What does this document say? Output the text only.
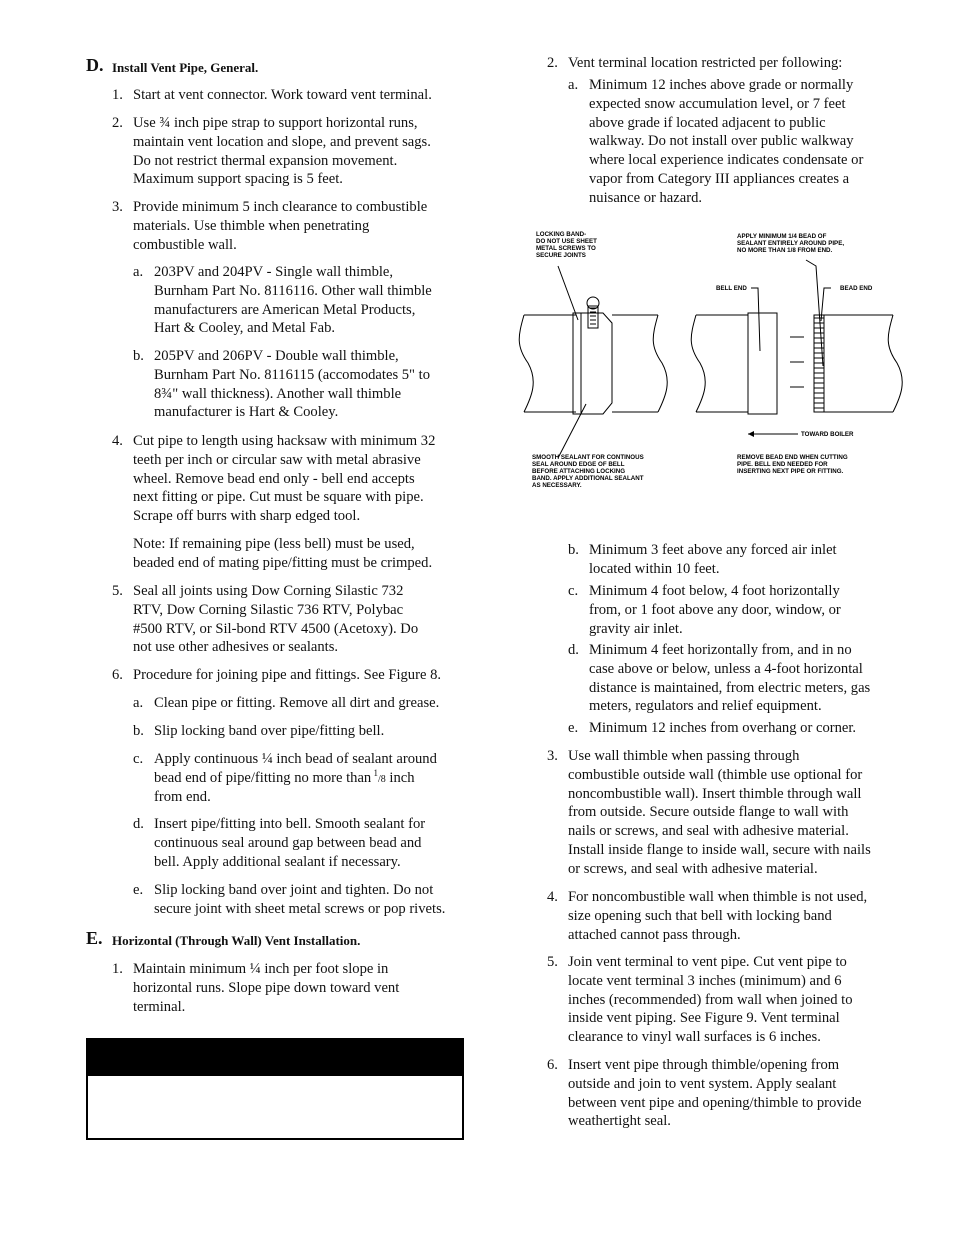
D. Install Vent Pipe, General.
1. Start at vent connector. Work toward vent terminal.
2. Use ¾ inch pipe strap to support horizontal runs,
maintain vent location and slope, and prevent sags.
Do not restrict thermal expansion movement.
Maximum support spacing is 5 feet.
3. Provide minimum 5 inch clearance to combustible
materials. Use thimble when penetrating
combustible wall.
a. 203PV and 204PV - Single wall thimble,
Burnham Part No. 8116116. Other wall thimble
manufacturers are American Metal Products,
Hart & Cooley, and Metal Fab.
b. 205PV and 206PV - Double wall thimble,
Burnham Part No. 8116115 (accomodates 5" to
8¾" wall thickness). Another wall thimble
manufacturer is Hart & Cooley.
4. Cut pipe to length using hacksaw with minimum 32
teeth per inch or circular saw with metal abrasive
wheel. Remove bead end only - bell end accepts
next fitting or pipe. Cut must be square with pipe.
Scrape off burrs with sharp edged tool.
Note: If remaining pipe (less bell) must be used,
beaded end of mating pipe/fitting must be crimped.
5. Seal all joints using Dow Corning Silastic 732
RTV, Dow Corning Silastic 736 RTV, Polybac
#500 RTV, or Sil-bond RTV 4500 (Acetoxy). Do
not use other adhesives or sealants.
6. Procedure for joining pipe and fittings. See Figure 8.
a. Clean pipe or fitting. Remove all dirt and grease.
b. Slip locking band over pipe/fitting bell.
c. Apply continuous ¼ inch bead of sealant around
bead end of pipe/fitting no more than $^1$/8 inch
from end.
d. Insert pipe/fitting into bell. Smooth sealant for
continuous seal around gap between bead and
bell. Apply additional sealant if necessary.
e. Slip locking band over joint and tighten. Do not
secure joint with sheet metal screws or pop rivets.
E. Horizontal (Through Wall) Vent Installation.
1. Maintain minimum ¼ inch per foot slope in
horizontal runs. Slope pipe down toward vent
terminal.
2. Vent terminal location restricted per following:
a. Minimum 12 inches above grade or normally
expected snow accumulation level, or 7 feet
above grade if located adjacent to public
walkway. Do not install over public walkway
where local experience indicates condensate or
vapor from Category III appliances creates a
nuisance or hazard.
LOCKING BAND- DO NOT USE SHEET METAL SCREWS TO SECURE JOINTS
APPLY MINIMUM 1/4 BEAD OF SEALANT ENTIRELY AROUND PIPE, NO MORE THAN 1/8 FROM END.
BELL END	BEAD END
TOWARD BOILER
SMOOTH SEALANT FOR CONTINOUS SEAL AROUND EDGE OF BELL BEFORE ATTACHING LOCKING BAND. APPLY ADDITIONAL SEALANT AS NECESSARY.
REMOVE BEAD END WHEN CUTTING PIPE. BELL END NEEDED FOR INSERTING NEXT PIPE OR FITTING.
b. Minimum 3 feet above any forced air inlet
located within 10 feet.
c. Minimum 4 foot below, 4 foot horizontally
from, or 1 foot above any door, window, or
gravity air inlet.
d. Minimum 4 feet horizontally from, and in no
case above or below, unless a 4-foot horizontal
distance is maintained, from electric meters, gas
meters, regulators and relief equipment.
e. Minimum 12 inches from overhang or corner.
3. Use wall thimble when passing through
combustible outside wall (thimble use optional for
noncombustible wall). Insert thimble through wall
from outside. Secure outside flange to wall with
nails or screws, and seal with adhesive material.
Install inside flange to inside wall, secure with nails
or screws, and seal with adhesive material.
4. For noncombustible wall when thimble is not used,
size opening such that bell with locking band
attached cannot pass through.
5. Join vent terminal to vent pipe. Cut vent pipe to
locate vent terminal 3 inches (minimum) and 6
inches (recommended) from wall when joined to
inside vent piping. See Figure 9. Vent terminal
clearance to vinyl wall surfaces is 6 inches.
6. Insert vent pipe through thimble/opening from
outside and join to vent system. Apply sealant
between vent pipe and opening/thimble to provide
weathertight seal.
